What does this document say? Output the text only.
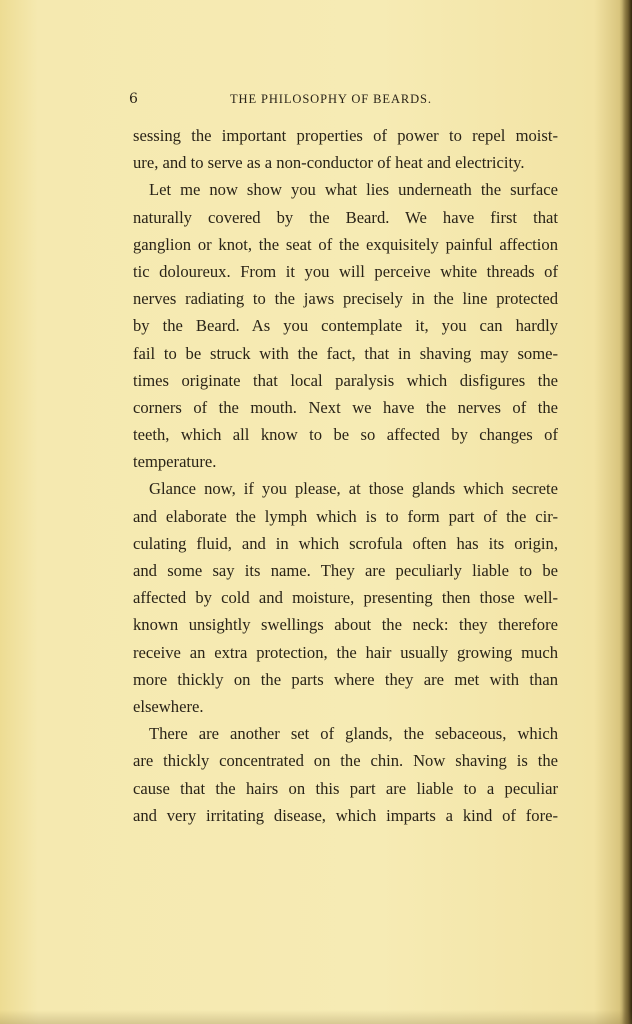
6	THE PHILOSOPHY OF BEARDS.
sessing the important properties of power to repel moist-
ure, and to serve as a non-conductor of heat and electricity.
Let me now show you what lies underneath the surface
naturally covered by the Beard. We have first that
ganglion or knot, the seat of the exquisitely painful affection
tic doloureux. From it you will perceive white threads of
nerves radiating to the jaws precisely in the line protected
by the Beard. As you contemplate it, you can hardly
fail to be struck with the fact, that in shaving may some-
times originate that local paralysis which disfigures the
corners of the mouth. Next we have the nerves of the
teeth, which all know to be so affected by changes of
temperature.
Glance now, if you please, at those glands which secrete
and elaborate the lymph which is to form part of the cir-
culating fluid, and in which scrofula often has its origin,
and some say its name. They are peculiarly liable to be
affected by cold and moisture, presenting then those well-
known unsightly swellings about the neck: they therefore
receive an extra protection, the hair usually growing much
more thickly on the parts where they are met with than
elsewhere.
There are another set of glands, the sebaceous, which
are thickly concentrated on the chin. Now shaving is the
cause that the hairs on this part are liable to a peculiar
and very irritating disease, which imparts a kind of fore-
